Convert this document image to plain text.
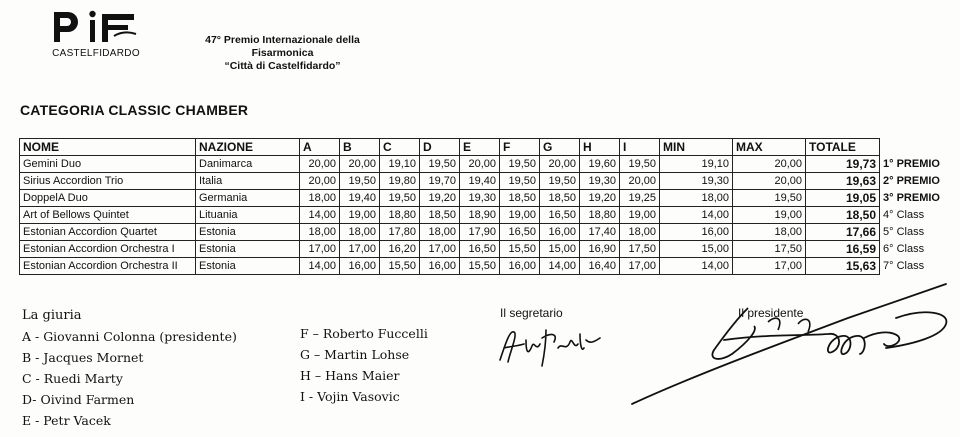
CASTELFIDARDO
47° Premio Internazionale della
Fisarmonica
“Città di Castelfidardo”
CATEGORIA CLASSIC CHAMBER
NOME	NAZIONE	A	B	C	D	E	F	G	H	I	MIN	MAX	TOTALE	
Gemini Duo	Danimarca	20,00	20,00	19,10	19,50	20,00	19,50	20,00	19,60	19,50	19,10	20,00	19,73	1° PREMIO
Sirius Accordion Trio	Italia	20,00	19,50	19,80	19,70	19,40	19,50	19,50	19,30	20,00	19,30	20,00	19,63	2° PREMIO
DoppelA Duo	Germania	18,00	19,40	19,50	19,20	19,30	18,50	18,50	19,20	19,25	18,00	19,50	19,05	3° PREMIO
Art of Bellows Quintet	Lituania	14,00	19,00	18,80	18,50	18,90	19,00	16,50	18,80	19,00	14,00	19,00	18,50	4° Class
Estonian Accordion Quartet	Estonia	18,00	18,00	17,80	18,00	17,90	16,50	16,00	17,40	18,00	16,00	18,00	17,66	5° Class
Estonian Accordion Orchestra I	Estonia	17,00	17,00	16,20	17,00	16,50	15,50	15,00	16,90	17,50	15,00	17,50	16,59	6° Class
Estonian Accordion Orchestra II	Estonia	14,00	16,00	15,50	16,00	15,50	16,00	14,00	16,40	17,00	14,00	17,00	15,63	7° Class
La giuria
A - Giovanni Colonna (presidente)
B - Jacques Mornet
C - Ruedi Marty
D- Oivind Farmen
E - Petr Vacek
F – Roberto Fuccelli
G – Martin Lohse
H – Hans Maier
I - Vojin Vasovic
Il segretario	Il presidente
